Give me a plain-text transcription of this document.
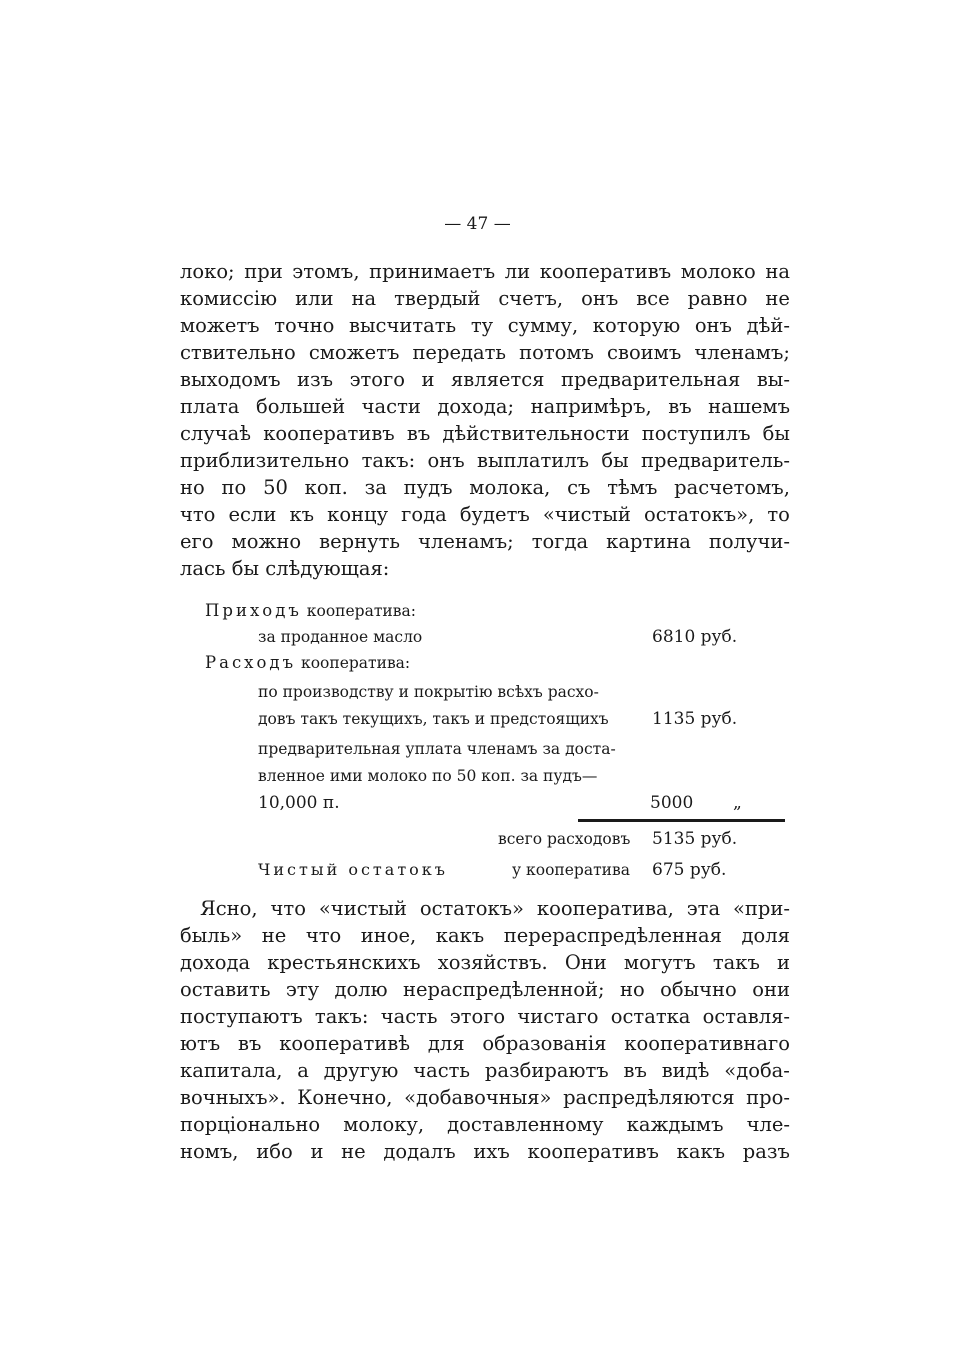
— 47 —
локо; при этомъ, принимаетъ ли кооперативъ молоко на
комиссію или на твердый счетъ, онъ все равно не
можетъ точно высчитать ту сумму, которую онъ дѣй-
ствительно сможетъ передать потомъ своимъ членамъ;
выходомъ изъ этого и является предварительная вы-
плата большей части дохода; напримѣръ, въ нашемъ
случаѣ кооперативъ въ дѣйствительности поступилъ бы
приблизительно такъ: онъ выплатилъ бы предваритель-
но по 50 коп. за пудъ молока, съ тѣмъ расчетомъ,
что если къ концу года будетъ «чистый остатокъ», то
его можно вернуть членамъ; тогда картина получи-
лась бы слѣдующая:
Приходъ кооператива:
за проданное масло	6810 руб.
Расходъ кооператива:
по производству и покрытію всѣхъ расхо-
довъ такъ текущихъ, такъ и предстоящихъ	1135 руб.
предварительная уплата членамъ за доста-
вленное ими молоко по 50 коп. за пудъ—
10,000 п.	5000 „
всего расходовъ 5135 руб.
Чистый остатокъ	у кооператива 675 руб.
Ясно, что «чистый остатокъ» кооператива, эта «при-
быль» не что иное, какъ перераспредѣленная доля
дохода крестьянскихъ хозяйствъ. Они могутъ такъ и
оставить эту долю нераспредѣленной; но обычно они
поступаютъ такъ: часть этого чистаго остатка оставля-
ютъ въ кооперативѣ для образованія кооперативнаго
капитала, а другую часть разбираютъ въ видѣ «доба-
вочныхъ». Конечно, «добавочныя» распредѣляются про-
порціонально молоку, доставленному каждымъ чле-
номъ, ибо и не додалъ ихъ кооперативъ какъ разъ
